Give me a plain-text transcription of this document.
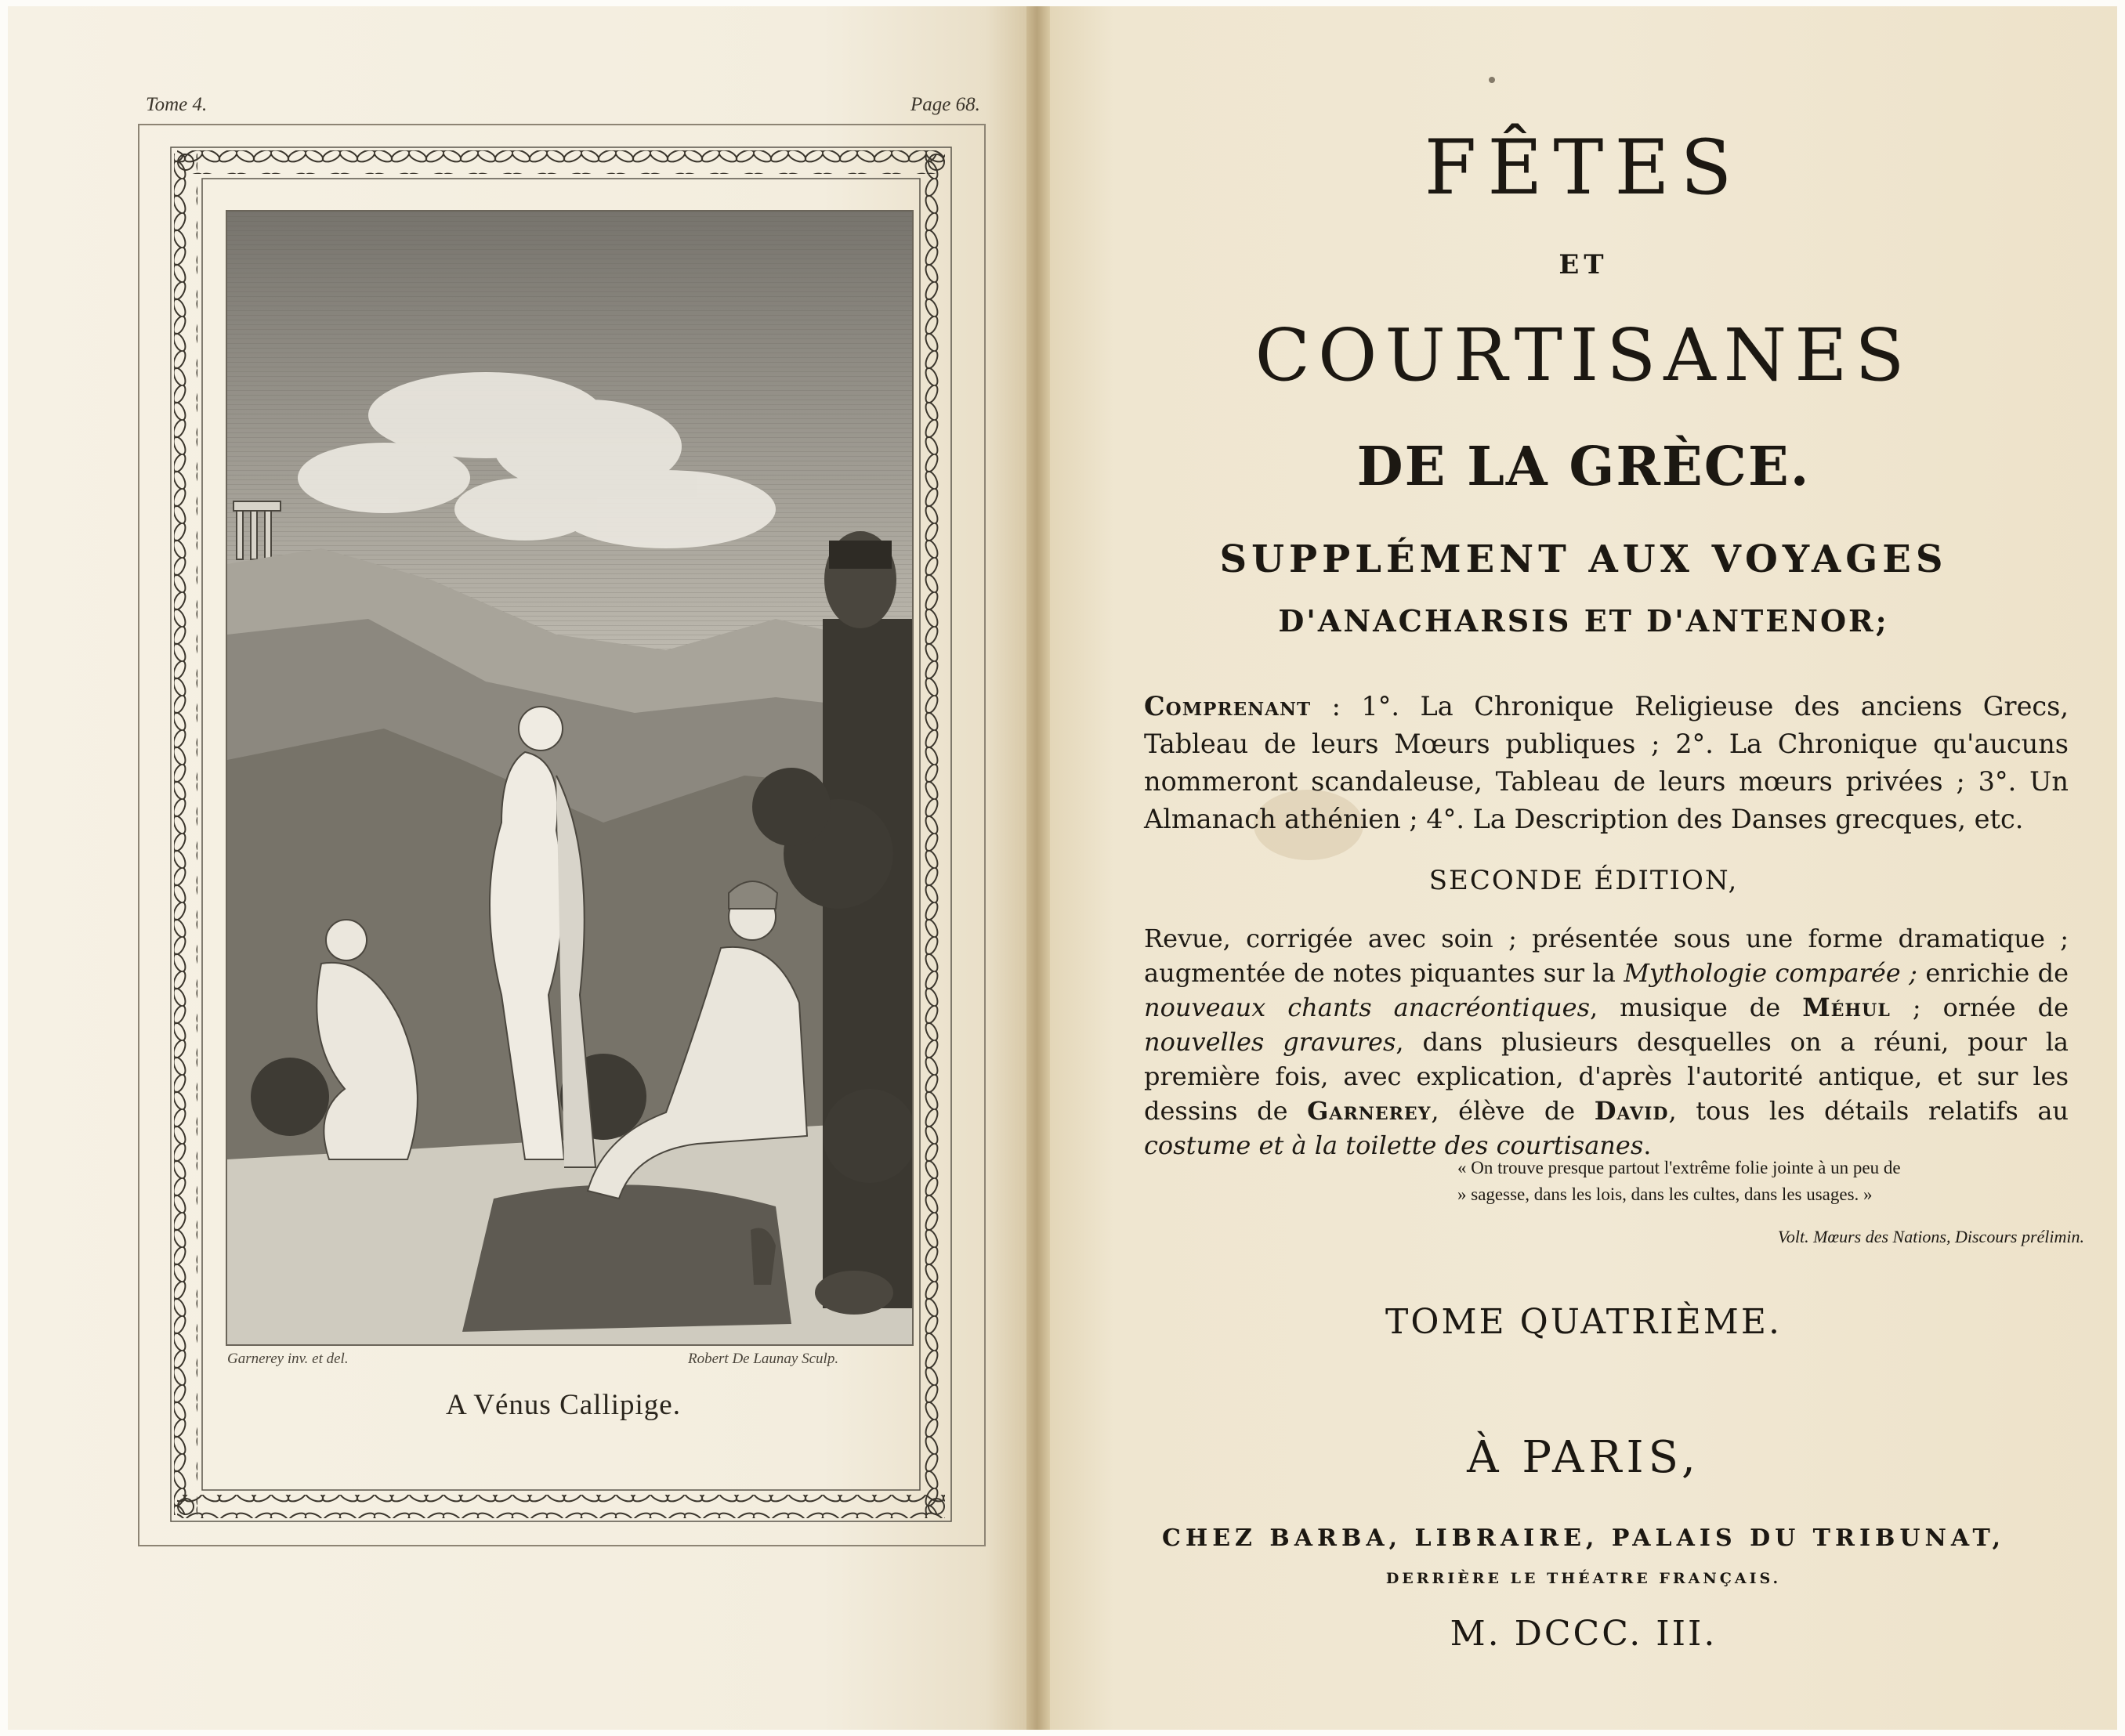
Tome 4.	Page 68.
Garnerey inv. et del.	Robert De Launay Sculp.
A Vénus Callipige.
FÊTES
ET
COURTISANES
DE LA GRÈCE.
SUPPLÉMENT AUX VOYAGES
D'ANACHARSIS ET D'ANTENOR;
Comprenant : 1°. La Chronique Religieuse des anciens Grecs, Tableau de leurs Mœurs publiques ; 2°. La Chronique qu'aucuns nommeront scandaleuse, Tableau de leurs mœurs privées ; 3°. Un Almanach athénien ; 4°. La Description des Danses grecques, etc.
SECONDE ÉDITION,
Revue, corrigée avec soin ; présentée sous une forme dramatique ; augmentée de notes piquantes sur la Mythologie comparée ; enrichie de nouveaux chants anacréontiques, musique de Méhul ; ornée de nouvelles gravures, dans plusieurs desquelles on a réuni, pour la première fois, avec explication, d'après l'autorité antique, et sur les dessins de Garnerey, élève de David, tous les détails relatifs au costume et à la toilette des courtisanes.

« On trouve presque partout l'extrême folie jointe à un peu de

» sagesse, dans les lois, dans les cultes, dans les usages. »

Volt. Mœurs des Nations, Discours prélimin.
TOME QUATRIÈME.
À PARIS,
CHEZ BARBA, LIBRAIRE, PALAIS DU TRIBUNAT,
DERRIÈRE LE THÉATRE FRANÇAIS.
M. DCCC. III.
